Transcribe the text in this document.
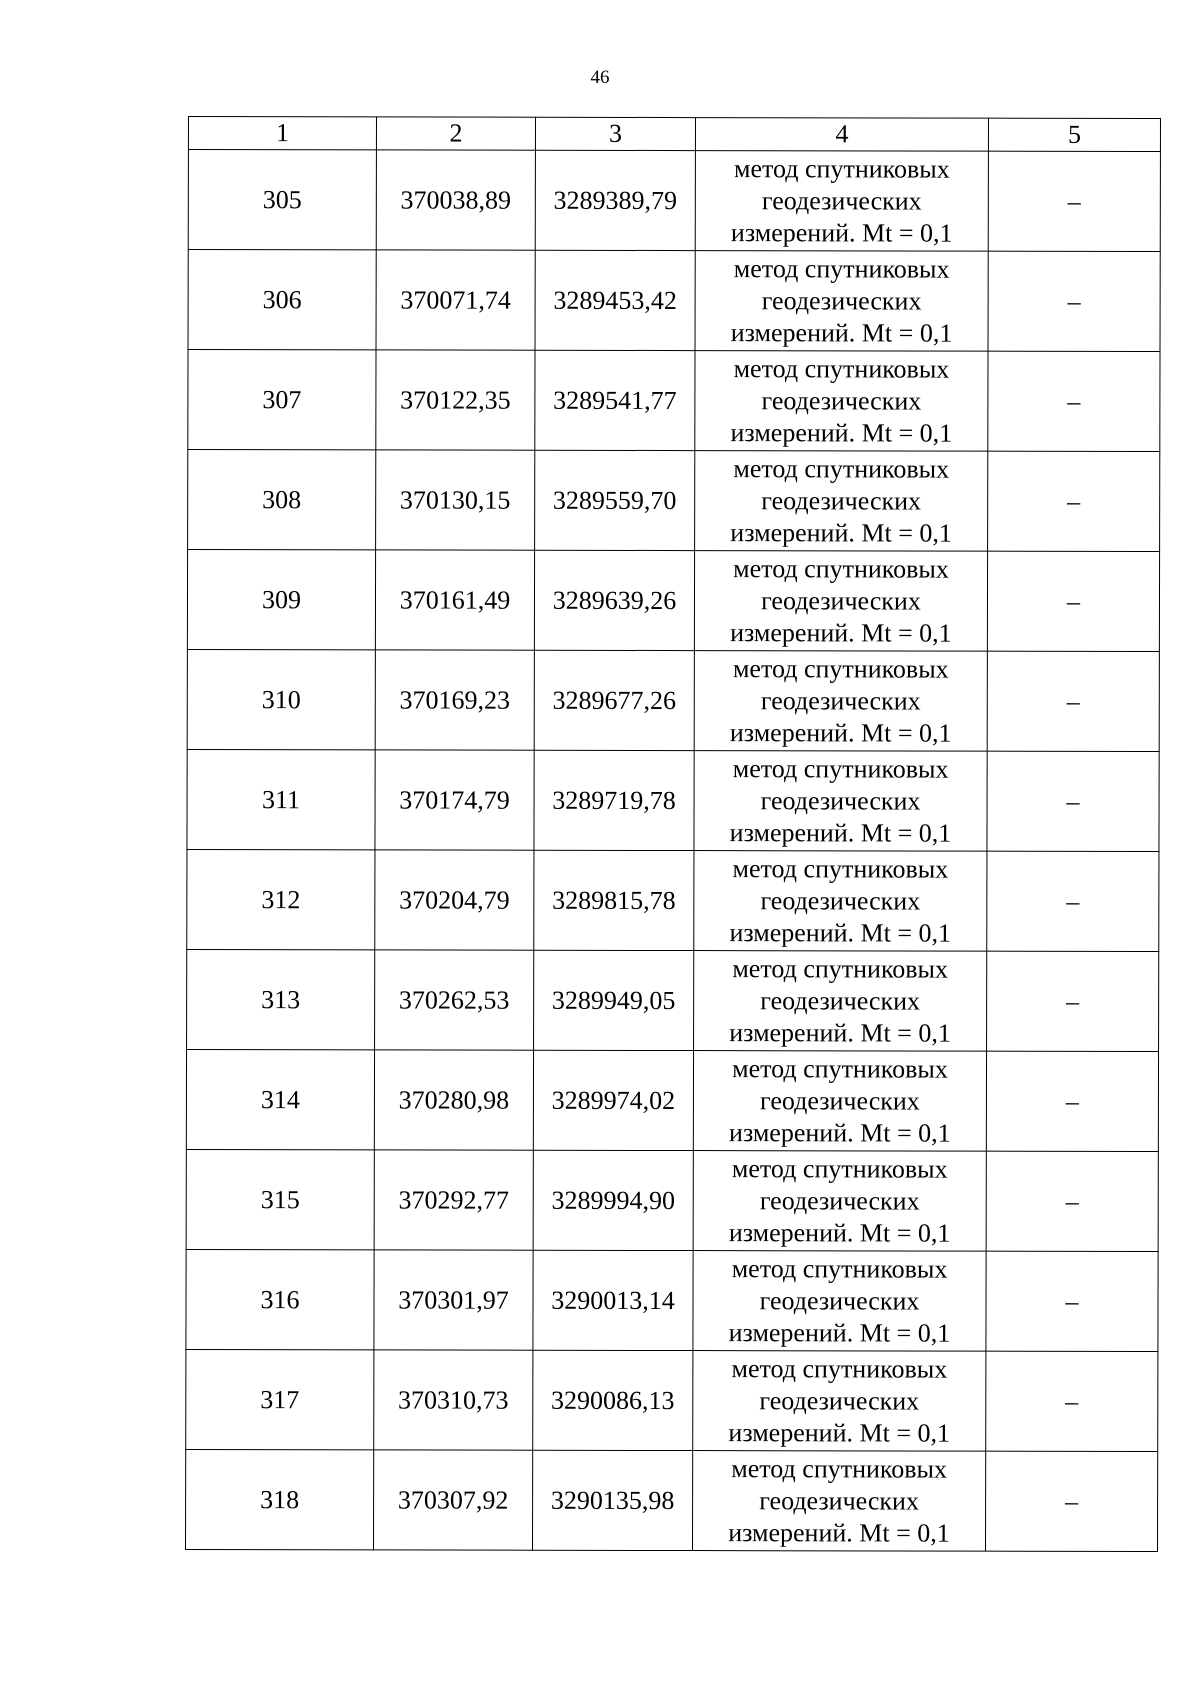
46
1	2	3	4	5
305	370038,89	3289389,79	метод спутниковых
геодезических
измерений. Mt = 0,1	–
306	370071,74	3289453,42	метод спутниковых
геодезических
измерений. Mt = 0,1	–
307	370122,35	3289541,77	метод спутниковых
геодезических
измерений. Mt = 0,1	–
308	370130,15	3289559,70	метод спутниковых
геодезических
измерений. Mt = 0,1	–
309	370161,49	3289639,26	метод спутниковых
геодезических
измерений. Mt = 0,1	–
310	370169,23	3289677,26	метод спутниковых
геодезических
измерений. Mt = 0,1	–
311	370174,79	3289719,78	метод спутниковых
геодезических
измерений. Mt = 0,1	–
312	370204,79	3289815,78	метод спутниковых
геодезических
измерений. Mt = 0,1	–
313	370262,53	3289949,05	метод спутниковых
геодезических
измерений. Mt = 0,1	–
314	370280,98	3289974,02	метод спутниковых
геодезических
измерений. Mt = 0,1	–
315	370292,77	3289994,90	метод спутниковых
геодезических
измерений. Mt = 0,1	–
316	370301,97	3290013,14	метод спутниковых
геодезических
измерений. Mt = 0,1	–
317	370310,73	3290086,13	метод спутниковых
геодезических
измерений. Mt = 0,1	–
318	370307,92	3290135,98	метод спутниковых
геодезических
измерений. Mt = 0,1	–
